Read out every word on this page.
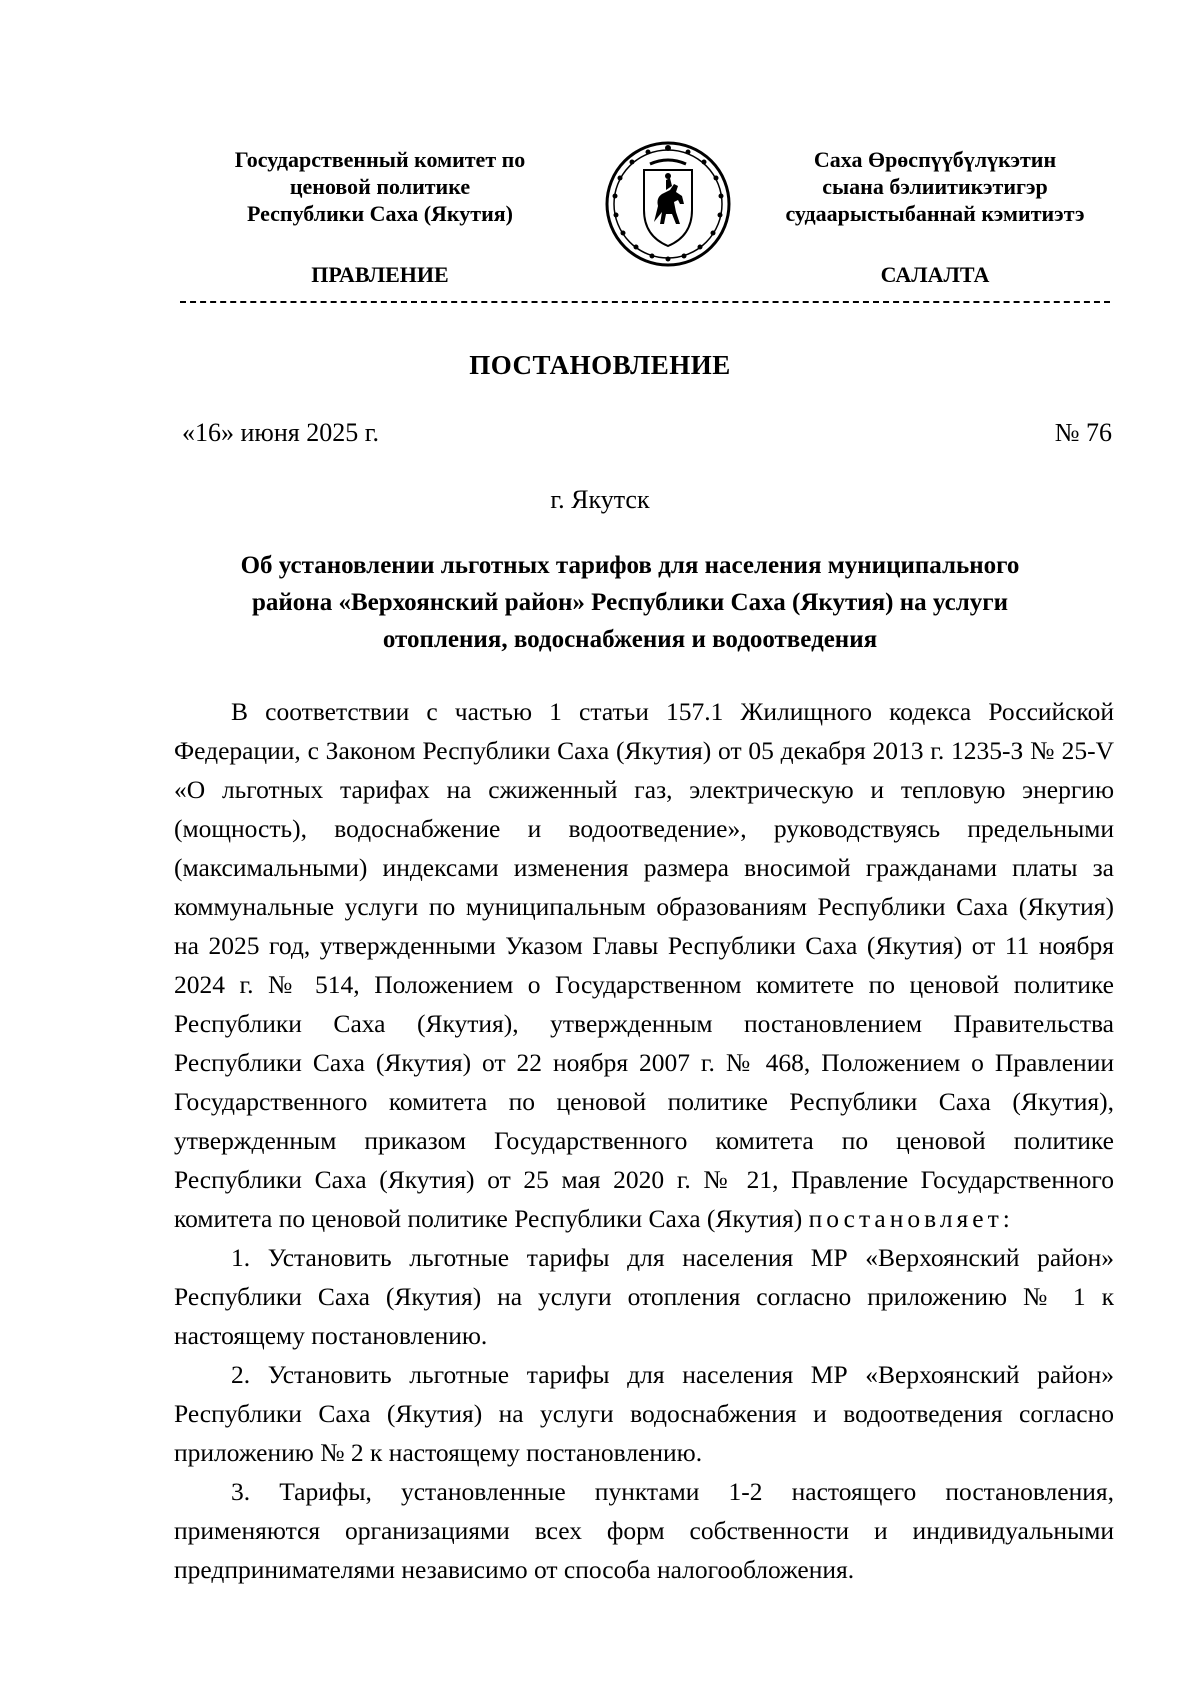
Государственный комитет по
ценовой политике
Республики Саха (Якутия)
Саха Өрөспүүбүлүкэтин
сыана бэлиитикэтигэр
судаарыстыбаннай кэмитиэтэ
ПРАВЛЕНИЕ	САЛАЛТА
ПОСТАНОВЛЕНИЕ
«16» июня 2025 г.	№ 76
г. Якутск
Об установлении льготных тарифов для населения муниципального
района «Верхоянский район» Республики Саха (Якутия) на услуги
отопления, водоснабжения и водоотведения

В соответствии с частью 1 статьи 157.1 Жилищного кодекса Российской Федерации, с Законом Республики Саха (Якутия) от 05 декабря 2013 г. 1235-З № 25-V «О льготных тарифах на сжиженный газ, электрическую и тепловую энергию (мощность), водоснабжение и водоотведение», руководствуясь предельными (максимальными) индексами изменения размера вносимой гражданами платы за коммунальные услуги по муниципальным образованиям Республики Саха (Якутия) на 2025 год, утвержденными Указом Главы Республики Саха (Якутия) от 11 ноября 2024 г. № 514, Положением о Государственном комитете по ценовой политике Республики Саха (Якутия), утвержденным постановлением Правительства Республики Саха (Якутия) от 22 ноября 2007 г. № 468, Положением о Правлении Государственного комитета по ценовой политике Республики Саха (Якутия), утвержденным приказом Государственного комитета по ценовой политике Республики Саха (Якутия) от 25 мая 2020 г. № 21, Правление Государственного комитета по ценовой политике Республики Саха (Якутия) постановляет:

1. Установить льготные тарифы для населения МР «Верхоянский район» Республики Саха (Якутия) на услуги отопления согласно приложению № 1 к настоящему постановлению.

2. Установить льготные тарифы для населения МР «Верхоянский район» Республики Саха (Якутия) на услуги водоснабжения и водоотведения согласно приложению № 2 к настоящему постановлению.

3. Тарифы, установленные пунктами 1-2 настоящего постановления, применяются организациями всех форм собственности и индивидуальными предпринимателями независимо от способа налогообложения.
